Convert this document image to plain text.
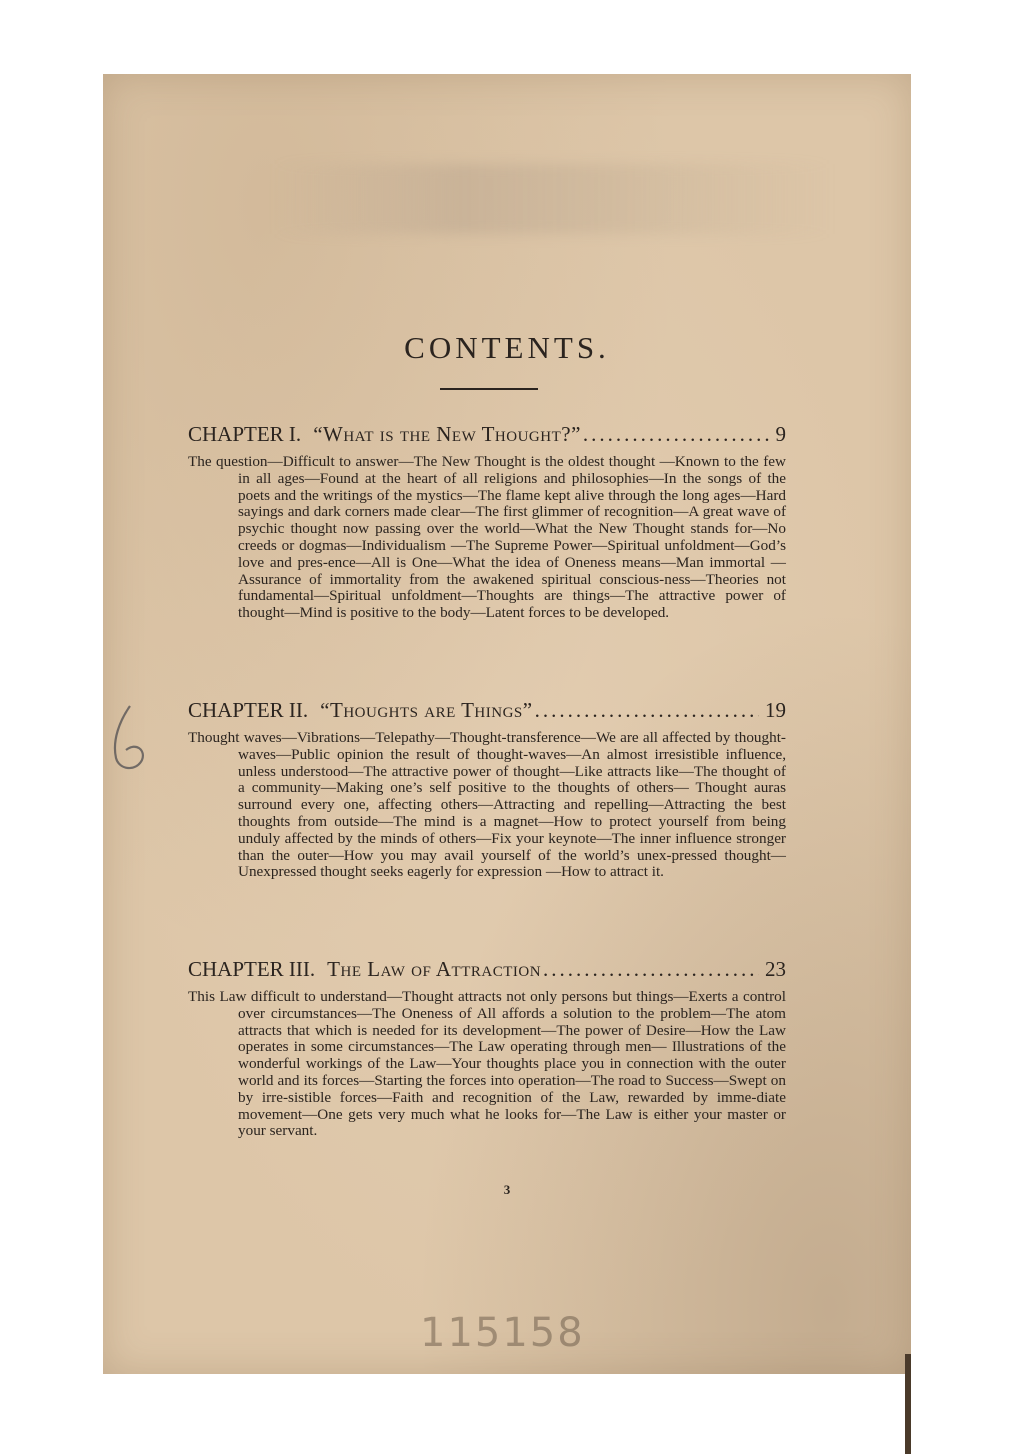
6
CONTENTS.
CHAPTER I. “What is the New Thought?” .....	9
The question—Difficult to answer—The New Thought is the oldest thought —Known to the few in all ages—Found at the heart of all religions and philosophies—In the songs of the poets and the writings of the mystics—The flame kept alive through the long ages—Hard sayings and dark corners made clear—The first glimmer of recognition—A great wave of psychic thought now passing over the world—What the New Thought stands for—No creeds or dogmas—Individualism —The Supreme Power—Spiritual unfoldment—God’s love and pres-ence—All is One—What the idea of Oneness means—Man immortal —Assurance of immortality from the awakened spiritual conscious-ness—Theories not fundamental—Spiritual unfoldment—Thoughts are things—The attractive power of thought—Mind is positive to the body—Latent forces to be developed.
CHAPTER II. “Thoughts are Things” .....	19
Thought waves—Vibrations—Telepathy—Thought-transference—We are all affected by thought-waves—Public opinion the result of thought-waves—An almost irresistible influence, unless understood—The attractive power of thought—Like attracts like—The thought of a community—Making one’s self positive to the thoughts of others— Thought auras surround every one, affecting others—Attracting and repelling—Attracting the best thoughts from outside—The mind is a magnet—How to protect yourself from being unduly affected by the minds of others—Fix your keynote—The inner influence stronger than the outer—How you may avail yourself of the world’s unex-pressed thought—Unexpressed thought seeks eagerly for expression —How to attract it.
CHAPTER III. The Law of Attraction .....	23
This Law difficult to understand—Thought attracts not only persons but things—Exerts a control over circumstances—The Oneness of All affords a solution to the problem—The atom attracts that which is needed for its development—The power of Desire—How the Law operates in some circumstances—The Law operating through men— Illustrations of the wonderful workings of the Law—Your thoughts place you in connection with the outer world and its forces—Starting the forces into operation—The road to Success—Swept on by irre-sistible forces—Faith and recognition of the Law, rewarded by imme-diate movement—One gets very much what he looks for—The Law is either your master or your servant.
3
115158
